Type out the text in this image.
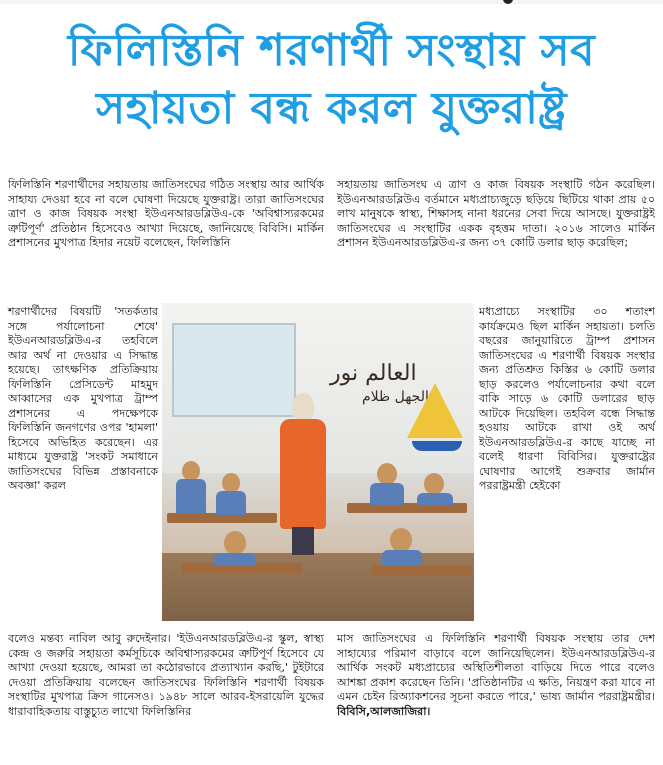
ফিলিস্তিনি শরণার্থী সংস্থায় সব
সহায়তা বন্ধ করল যুক্তরাষ্ট্র
ফিলিস্তিনি শরণার্থীদের সহায়তায় জাতিসংঘের গঠিত সংস্থায় আর আর্থিক সাহায্য দেওয়া হবে না বলে ঘোষণা দিয়েছে যুক্তরাষ্ট্র। তারা জাতিসংঘের ত্রাণ ও কাজ বিষয়ক সংস্থা ইউএনআরডব্লিউএ-কে 'অবিশ্বাস্যরকমের ত্রুটিপূর্ণ' প্রতিষ্ঠান হিসেবেও আখ্যা দিয়েছে, জানিয়েছে বিবিসি। মার্কিন প্রশাসনের মুখপাত্র হিদার নয়েট বলেছেন, ফিলিস্তিনি
সহায়তায় জাতিসংঘ এ ত্রাণ ও কাজ বিষয়ক সংস্থাটি গঠন করেছিল। ইউএনআরডব্লিউএ বর্তমানে মধ্যপ্রাচ্যজুড়ে ছড়িয়ে ছিটিয়ে থাকা প্রায় ৫০ লাখ মানুষকে স্বাস্থ্য, শিক্ষাসহ নানা ধরনের সেবা দিয়ে আসছে। যুক্তরাষ্ট্রই জাতিসংঘের এ সংস্থাটির একক বৃহত্তম দাতা। ২০১৬ সালেও মার্কিন প্রশাসন ইউএনআরডব্লিউএ-র জন্য ৩৭ কোটি ডলার ছাড় করেছিল;
শরণার্থীদের বিষয়টি 'সতর্কতার সঙ্গে পর্যালোচনা শেষে' ইউএনআরডব্লিউএ-র তহবিলে আর অর্থ না দেওয়ার এ সিদ্ধান্ত হয়েছে। তাৎক্ষণিক প্রতিক্রিয়ায় ফিলিস্তিনি প্রেসিডেন্ট মাহমুদ আব্বাসের এক মুখপাত্র ট্রাম্প প্রশাসনের এ পদক্ষেপকে ফিলিস্তিনি জনগণের ওপর 'হামলা' হিসেবে অভিহিত করেছেন। এর মাধ্যমে যুক্তরাষ্ট্র 'সংকট সমাধানে জাতিসংঘের বিভিন্ন প্রস্তাবনাকে অবজ্ঞা' করল
মধ্যপ্রাচ্যে সংস্থাটির ৩০ শতাংশ কার্যক্রমেও ছিল মার্কিন সহায়তা। চলতি বছরের জানুয়ারিতে ট্রাম্প প্রশাসন জাতিসংঘের এ শরণার্থী বিষয়ক সংস্থার জন্য প্রতিশ্রুত কিস্তির ৬ কোটি ডলার ছাড় করলেও পর্যালোচনার কথা বলে বাকি সাড়ে ৬ কোটি ডলারের ছাড় আটকে দিয়েছিল। তহবিল বন্ধে সিদ্ধান্ত হওয়ায় আটকে রাখা ওই অর্থ ইউএনআরডব্লিউএ-র কাছে যাচ্ছে না বলেই ধারণা বিবিসির। যুক্তরাষ্ট্রের ঘোষণার আগেই শুক্রবার জার্মান পররাষ্ট্রমন্ত্রী হেইকো
العالم نور
والجهل ظلام
বলেও মন্তব্য নাবিল আবু রুদেইনার। 'ইউএনআরডব্লিউএ-র স্কুল, স্বাস্থ্য কেন্দ্র ও জরুরি সহায়তা কর্মসূচিকে অবিশ্বাস্যরকমের ত্রুটিপূর্ণ হিসেবে যে আখ্যা দেওয়া হয়েছে, আমরা তা কঠোরভাবে প্রত্যাখ্যান করছি,' টুইটারে দেওয়া প্রতিক্রিয়ায় বলেছেন জাতিসংঘের ফিলিস্তিনি শরণার্থী বিষয়ক সংস্থাটির মুখপাত্র ক্রিস গানেসও। ১৯৪৮ সালে আরব-ইসরায়েলি যুদ্ধের ধারাবাহিকতায় বাস্তুচ্যুত লাখো ফিলিস্তিনির
মাস জাতিসংঘের এ ফিলিস্তিনি শরণার্থী বিষয়ক সংস্থায় তার দেশ সাহায্যের পরিমাণ বাড়াবে বলে জানিয়েছিলেন। ইউএনআরডব্লিউএ-র আর্থিক সংকট মধ্যপ্রাচ্যের অস্থিতিশীলতা বাড়িয়ে দিতে পারে বলেও আশঙ্কা প্রকাশ করেছেন তিনি। 'প্রতিষ্ঠানটির এ ক্ষতি, নিয়ন্ত্রণ করা যাবে না এমন চেইন রিঅ্যাকশনের সূচনা করতে পারে,' ভাষ্য জার্মান পররাষ্ট্রমন্ত্রীর। বিবিসি,আলজাজিরা।
